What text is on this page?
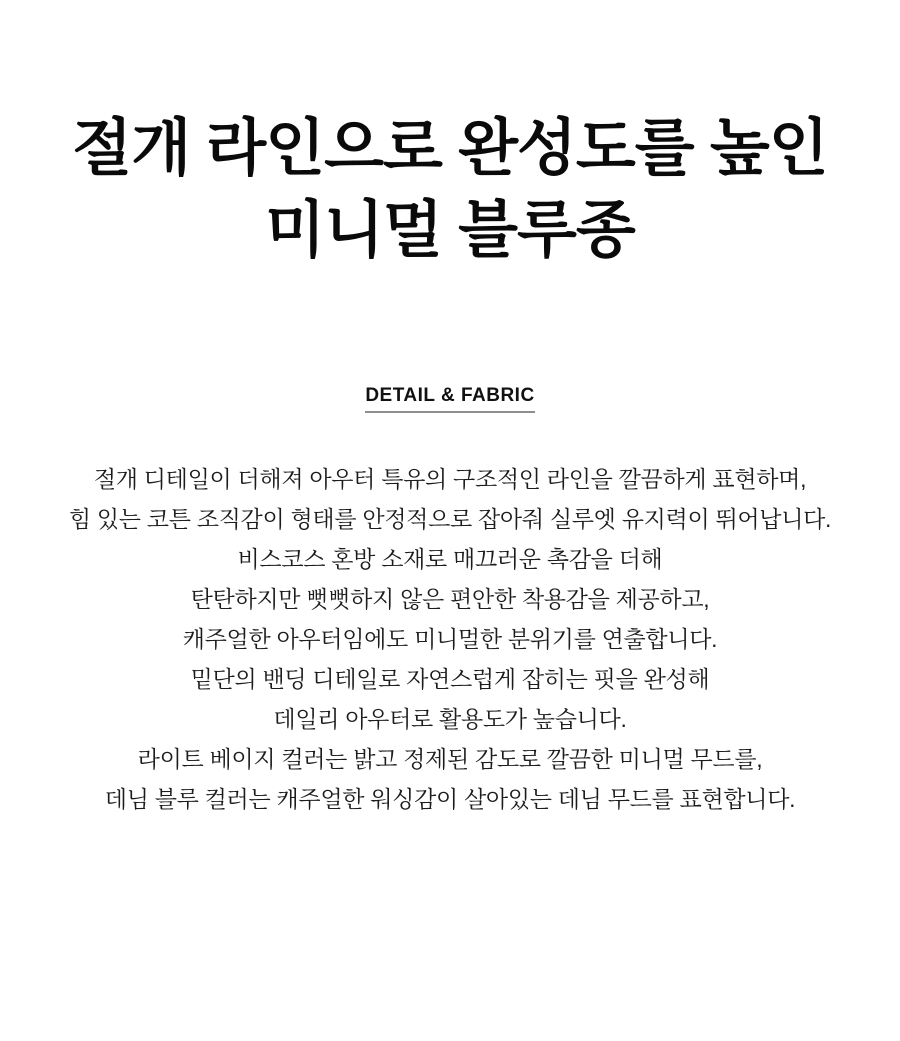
절개 라인으로 완성도를 높인
미니멀 블루종
DETAIL & FABRIC

절개 디테일이 더해져 아우터 특유의 구조적인 라인을 깔끔하게 표현하며,

힘 있는 코튼 조직감이 형태를 안정적으로 잡아줘 실루엣 유지력이 뛰어납니다.

비스코스 혼방 소재로 매끄러운 촉감을 더해

탄탄하지만 뻣뻣하지 않은 편안한 착용감을 제공하고,

캐주얼한 아우터임에도 미니멀한 분위기를 연출합니다.

밑단의 밴딩 디테일로 자연스럽게 잡히는 핏을 완성해

데일리 아우터로 활용도가 높습니다.

라이트 베이지 컬러는 밝고 정제된 감도로 깔끔한 미니멀 무드를,

데님 블루 컬러는 캐주얼한 워싱감이 살아있는 데님 무드를 표현합니다.
